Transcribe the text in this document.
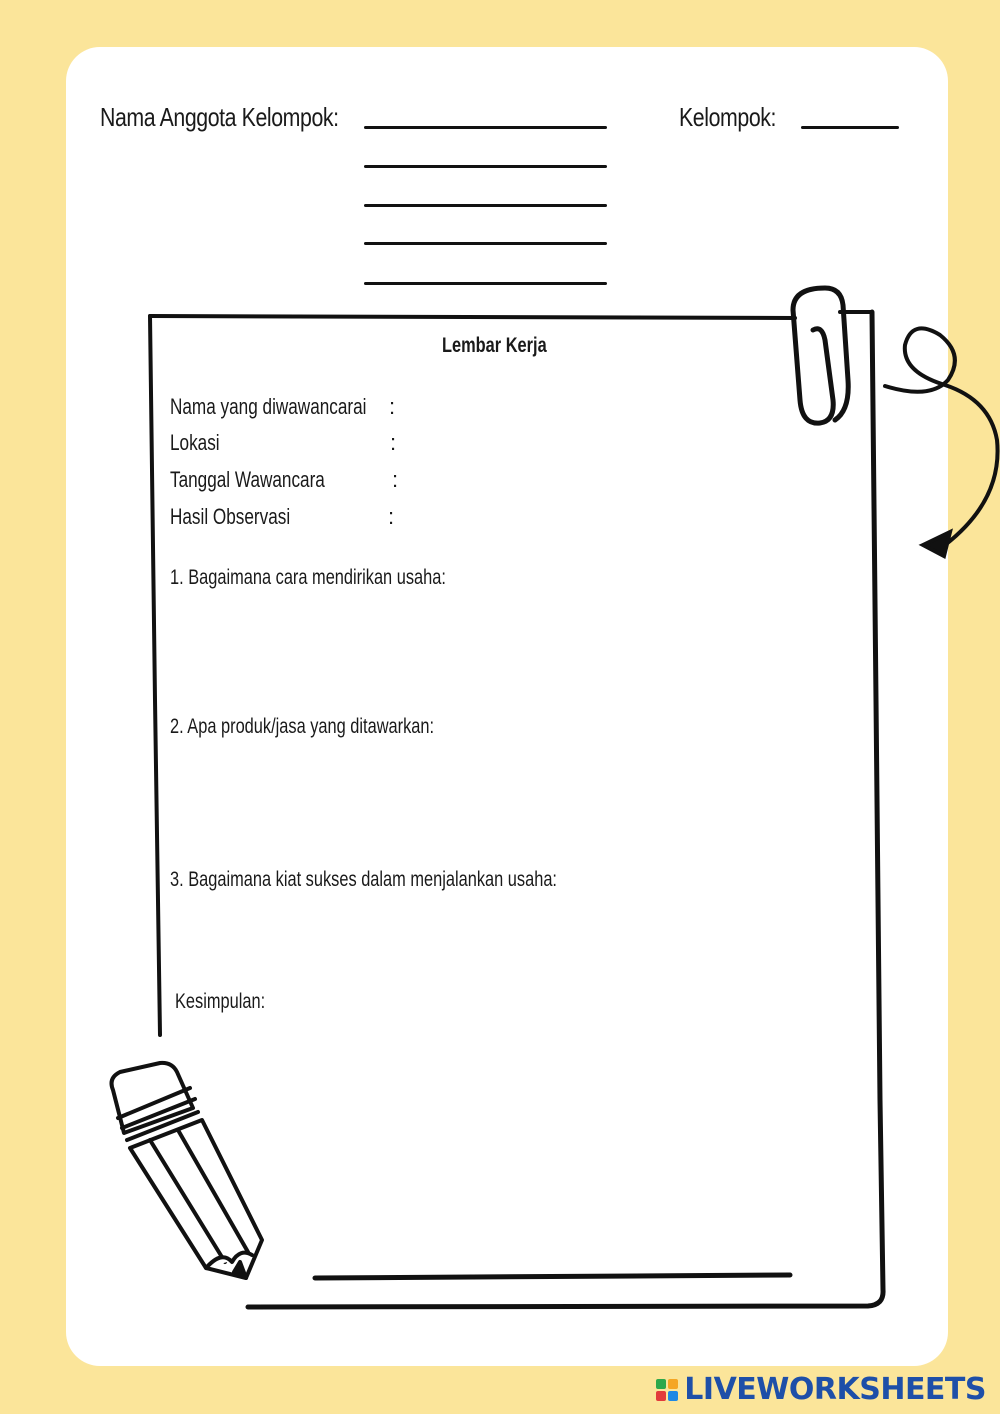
Nama Anggota Kelompok:	Kelompok:
Lembar Kerja
Nama yang diwawancarai :
Lokasi	:
Tanggal Wawancara	:
Hasil Observasi	:
1. Bagaimana cara mendirikan usaha:
2. Apa produk/jasa yang ditawarkan:
3. Bagaimana kiat sukses dalam menjalankan usaha:
Kesimpulan:
LIVEWORKSHEETS
